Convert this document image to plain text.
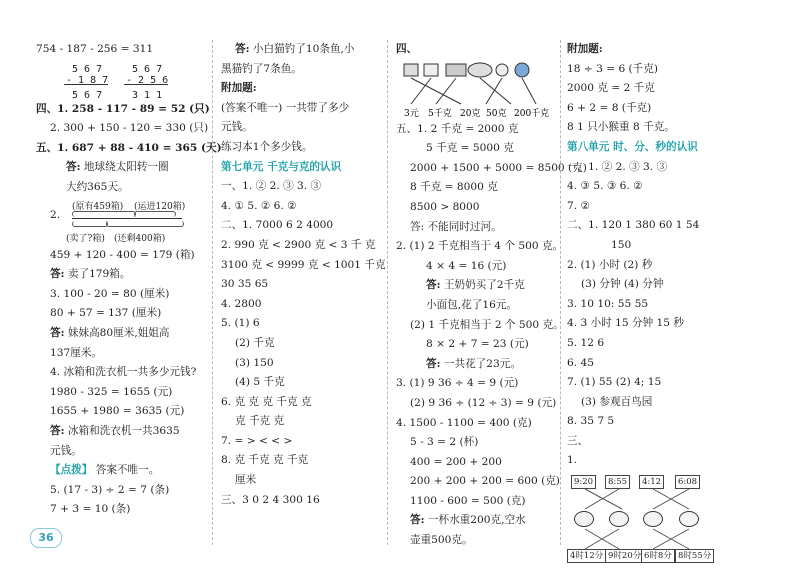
754 - 187 - 256 = 311
5 6 7
- 1 8 7
5 6 7
5 6 7
- 2 5 6
3 1 1
四、1. 258 - 117 - 89 = 52 (只)
2. 300 + 150 - 120 = 330 (只)
五、1. 687 + 88 - 410 = 365 (天)
答: 地球绕太阳转一圈
大约365天。
2.
(原有459箱) (运进120箱)
(卖了?箱) (还剩400箱)
459 + 120 - 400 = 179 (箱)
答: 卖了179箱。
3. 100 - 20 = 80 (厘米)
80 + 57 = 137 (厘米)
答: 妹妹高80厘米,姐姐高
137厘米。
4. 冰箱和洗衣机一共多少元钱?
1980 - 325 = 1655 (元)
1655 + 1980 = 3635 (元)
答: 冰箱和洗衣机一共3635
元钱。
【点拨】 答案不唯一。
5. (17 - 3) ÷ 2 = 7 (条)
7 + 3 = 10 (条)
答: 小白猫钓了10条鱼,小
黑猫钓了7条鱼。
附加题:
(答案不唯一) 一共带了多少
元钱。
练习本1个多少钱。
第七单元 千克与克的认识
一、1. ② 2. ③ 3. ③
4. ① 5. ② 6. ②
二、1. 7000 6 2 4000
2. 990 克 < 2900 克 < 3 千 克
3100 克 < 9999 克 < 1001 千克
30 35 65
4. 2800
5. (1) 6
(2) 千克
(3) 150
(4) 5 千克
6. 克 克 克 千克 克
克 千克 克
7. = > < < >
8. 克 千克 克 千克
厘米
三、3 0 2 4 300 16
四、
3元 5千克 20克 50克 200千克
五、1. 2 千克 = 2000 克
5 千克 = 5000 克
2000 + 1500 + 5000 = 8500 (克)
8 千克 = 8000 克
8500 > 8000
答: 不能同时过河。
2. (1) 2 千克相当于 4 个 500 克。
4 × 4 = 16 (元)
答: 王奶奶买了2千克
小面包,花了16元。
(2) 1 千克相当于 2 个 500 克。
8 × 2 + 7 = 23 (元)
答: 一共花了23元。
3. (1) 9 36 ÷ 4 = 9 (元)
(2) 9 36 ÷ (12 ÷ 3) = 9 (元)
4. 1500 - 1100 = 400 (克)
5 - 3 = 2 (杯)
400 = 200 + 200
200 + 200 + 200 = 600 (克)
1100 - 600 = 500 (克)
答: 一杯水重200克,空水
壶重500克。
附加题:
18 ÷ 3 = 6 (千克)
2000 克 = 2 千克
6 + 2 = 8 (千克)
8 1 只小猴重 8 千克。
第八单元 时、分、秒的认识
一、1. ② 2. ③ 3. ③
4. ③ 5. ③ 6. ②
7. ②
二、1. 120 1 380 60 1 54
150
2. (1) 小时 (2) 秒
(3) 分钟 (4) 分钟
3. 10 10: 55 55
4. 3 小时 15 分钟 15 秒
5. 12 6
6. 45
7. (1) 55 (2) 4; 15
(3) 参观百鸟园
8. 35 7 5
三、
1.
9:20	8:55	4:12	6:08
4时12分 9时20分 6时8分 8时55分
36
